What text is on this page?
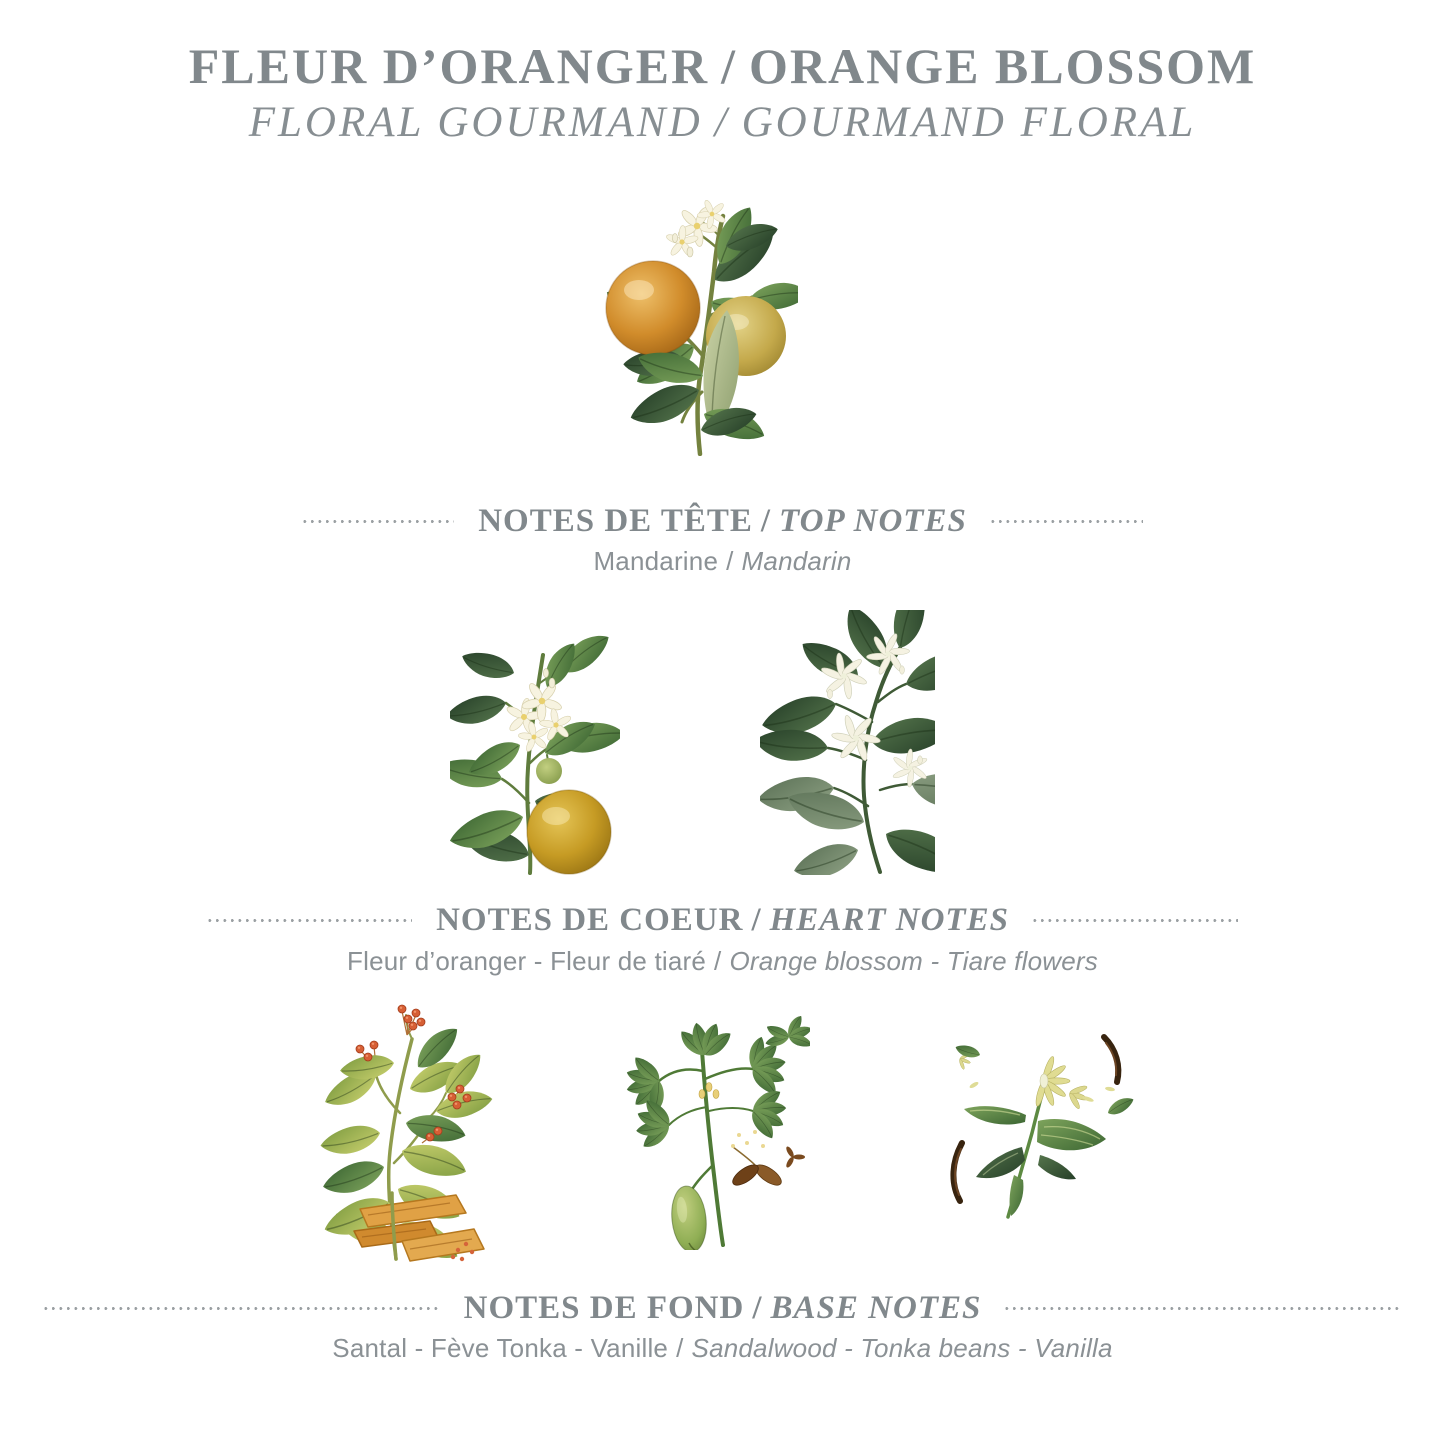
FLEUR D’ORANGER / ORANGE BLOSSOM
FLORAL GOURMAND / GOURMAND FLORAL
NOTES DE TÊTE / TOP NOTES

Mandarine / Mandarin

NOTES DE COEUR / HEART NOTES

Fleur d’oranger - Fleur de tiaré / Orange blossom - Tiare flowers

NOTES DE FOND / BASE NOTES

Santal - Fève Tonka - Vanille / Sandalwood - Tonka beans - Vanilla
